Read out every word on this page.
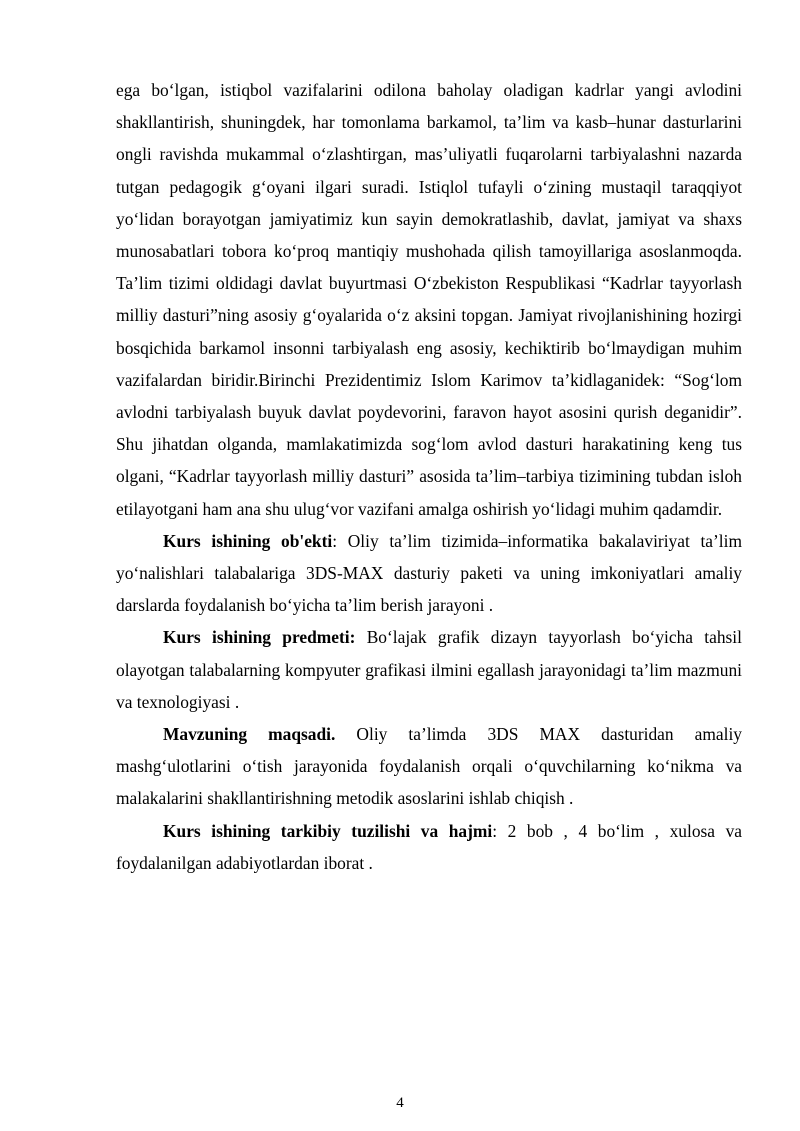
ega bo‘lgan, istiqbol vazifalarini odilona baholay oladigan kadrlar yangi avlodini shakllantirish, shuningdek, har tomonlama barkamol, ta’lim va kasb–hunar dasturlarini ongli ravishda mukammal o‘zlashtirgan, mas’uliyatli fuqarolarni tarbiyalashni nazarda tutgan pedagogik g‘oyani ilgari suradi. Istiqlol tufayli o‘zining mustaqil taraqqiyot yo‘lidan borayotgan jamiyatimiz kun sayin demokratlashib, davlat, jamiyat va shaxs munosabatlari tobora ko‘proq mantiqiy mushohada qilish tamoyillariga asoslanmoqda. Ta’lim tizimi oldidagi davlat buyurtmasi O‘zbekiston Respublikasi “Kadrlar tayyorlash milliy dasturi”ning asosiy g‘oyalarida o‘z aksini topgan. Jamiyat rivojlanishining hozirgi bosqichida barkamol insonni tarbiyalash eng asosiy, kechiktirib bo‘lmaydigan muhim vazifalardan biridir.Birinchi Prezidentimiz Islom Karimov ta’kidlaganidek: “Sog‘lom avlodni tarbiyalash buyuk davlat poydevorini, faravon hayot asosini qurish deganidir”. Shu jihatdan olganda, mamlakatimizda sog‘lom avlod dasturi harakatining keng tus olgani, “Kadrlar tayyorlash milliy dasturi” asosida ta’lim–tarbiya tizimining tubdan isloh etilayotgani ham ana shu ulug‘vor vazifani amalga oshirish yo‘lidagi muhim qadamdir.

Kurs ishining ob'ekti: Oliy ta’lim tizimida–informatika bakalaviriyat ta’lim yo‘nalishlari talabalariga 3DS-MAX dasturiy paketi va uning imkoniyatlari amaliy darslarda foydalanish bo‘yicha ta’lim berish jarayoni .

Kurs ishining predmeti: Bo‘lajak grafik dizayn tayyorlash bo‘yicha tahsil olayotgan talabalarning kompyuter grafikasi ilmini egallash jarayonidagi ta’lim mazmuni va texnologiyasi .

Mavzuning maqsadi. Oliy ta’limda 3DS MAX dasturidan amaliy mashg‘ulotlarini o‘tish jarayonida foydalanish orqali o‘quvchilarning ko‘nikma va malakalarini shakllantirishning metodik asoslarini ishlab chiqish .

Kurs ishining tarkibiy tuzilishi va hajmi: 2 bob , 4 bo‘lim , xulosa va foydalanilgan adabiyotlardan iborat .

4
